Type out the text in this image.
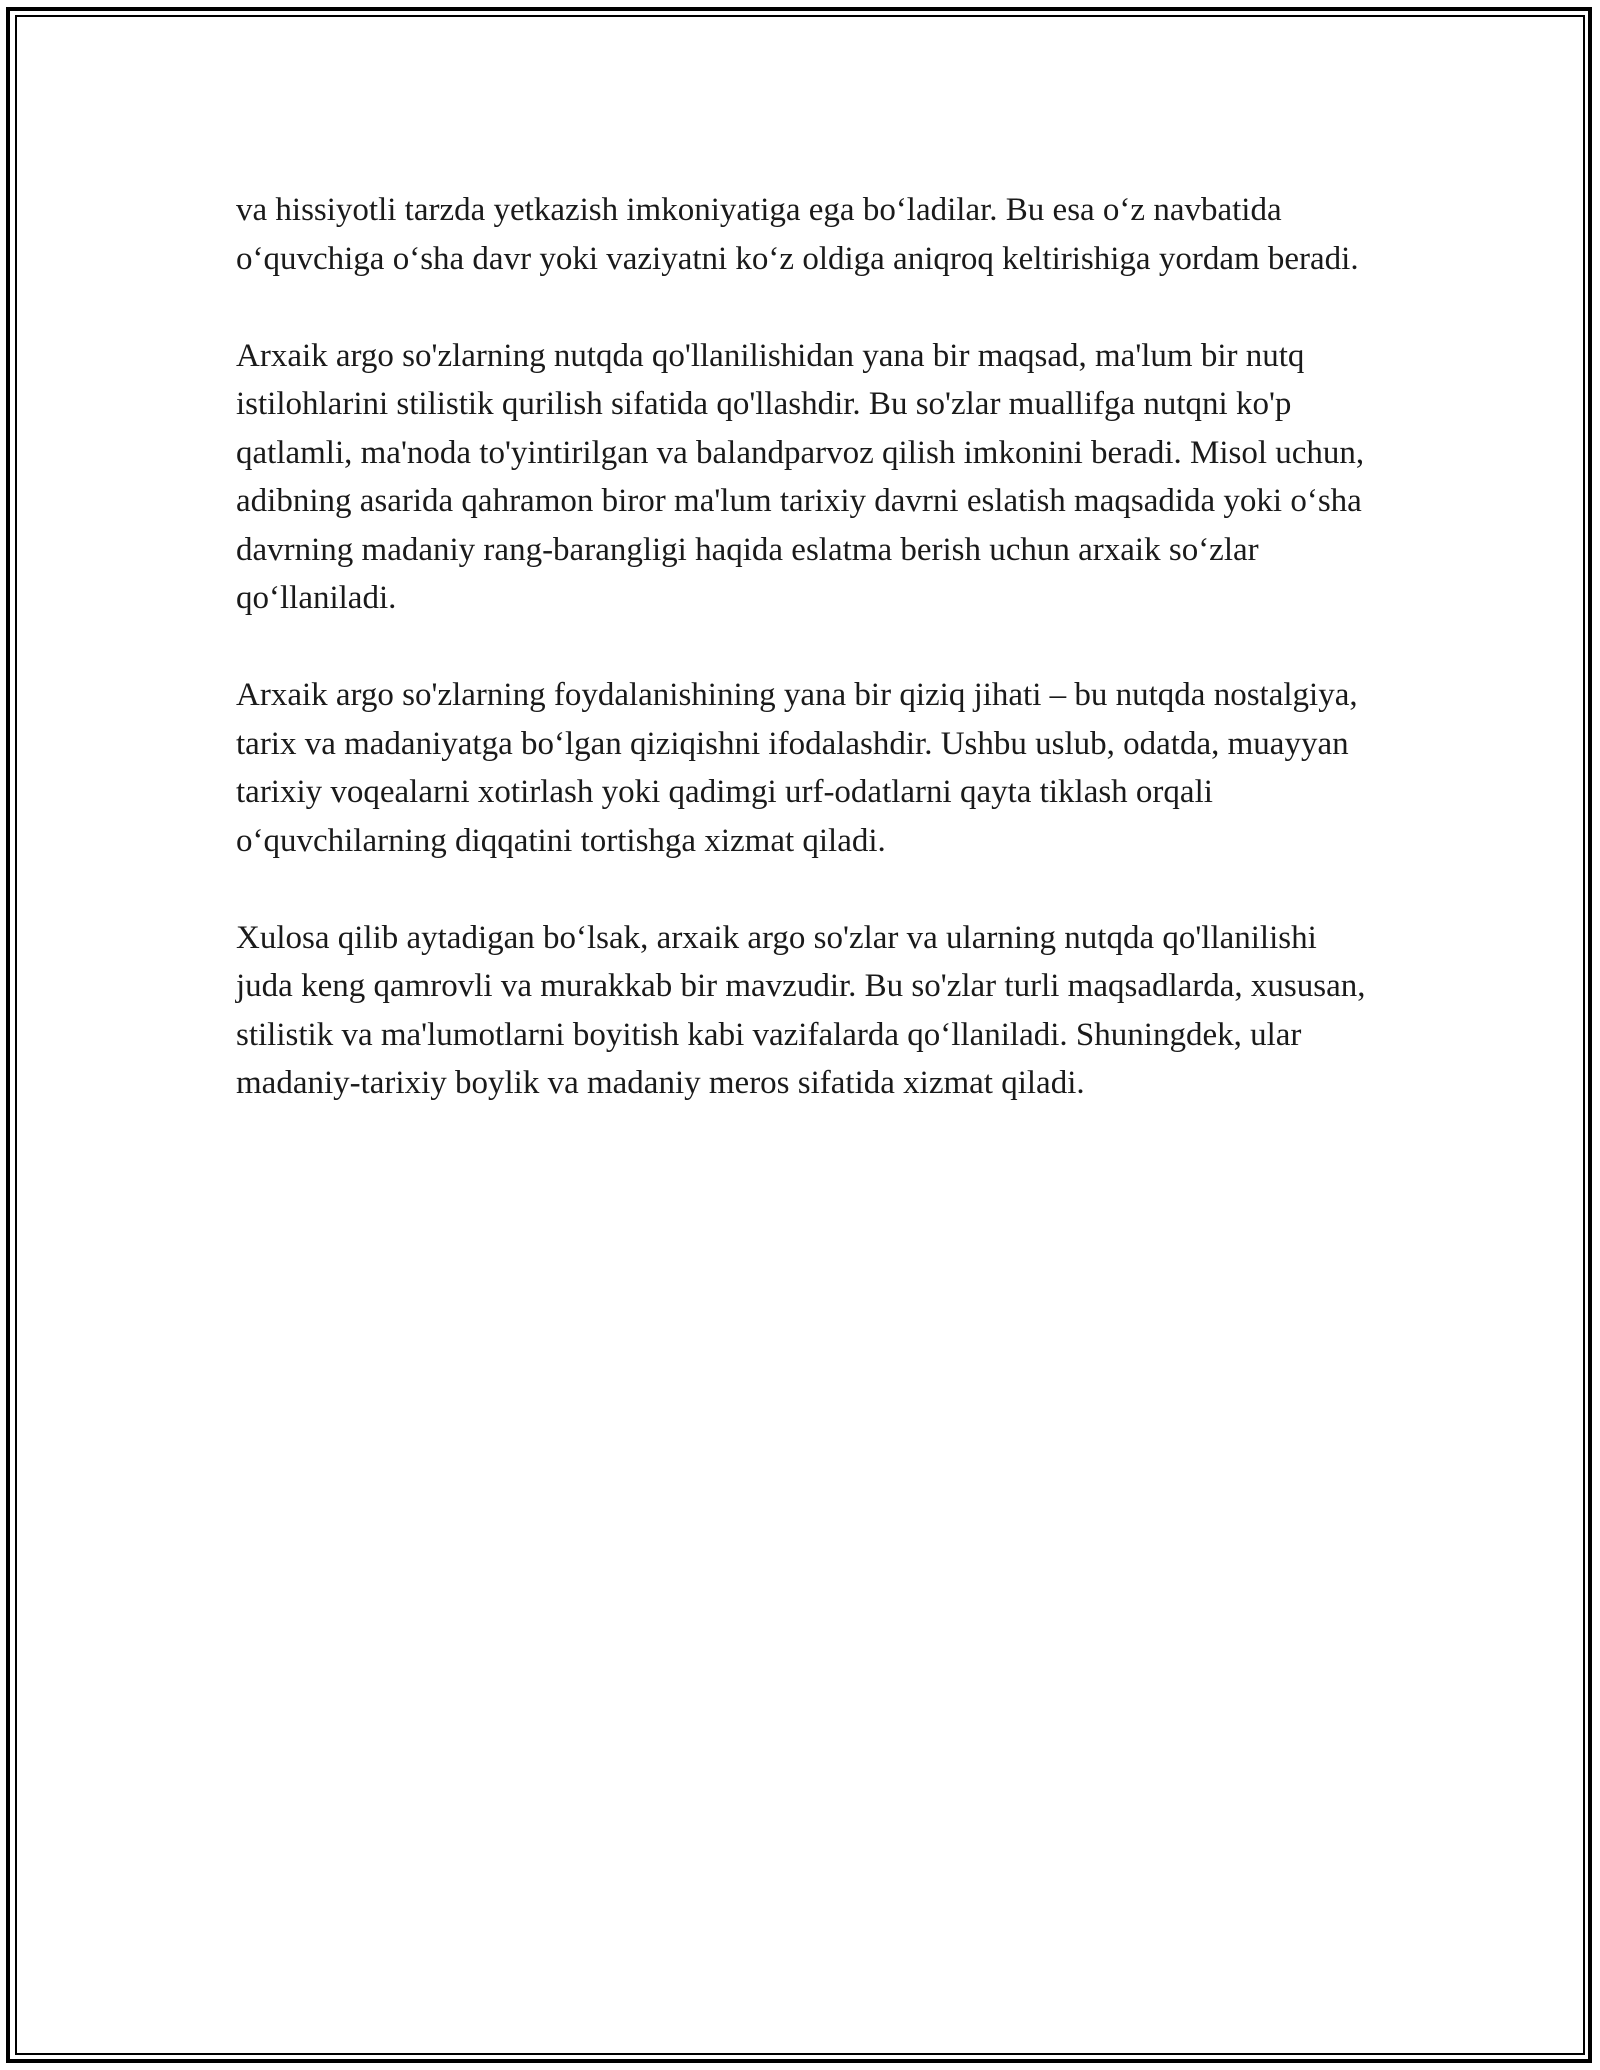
va hissiyotli tarzda yetkazish imkoniyatiga ega bo‘ladilar. Bu esa o‘z navbatida o‘quvchiga o‘sha davr yoki vaziyatni ko‘z oldiga aniqroq keltirishiga yordam beradi.

Arxaik argo so'zlarning nutqda qo'llanilishidan yana bir maqsad, ma'lum bir nutq istilohlarini stilistik qurilish sifatida qo'llashdir. Bu so'zlar muallifga nutqni ko'p qatlamli, ma'noda to'yintirilgan va balandparvoz qilish imkonini beradi. Misol uchun, adibning asarida qahramon biror ma'lum tarixiy davrni eslatish maqsadida yoki o‘sha davrning madaniy rang-barangligi haqida eslatma berish uchun arxaik so‘zlar qo‘llaniladi.

Arxaik argo so'zlarning foydalanishining yana bir qiziq jihati – bu nutqda nostalgiya, tarix va madaniyatga bo‘lgan qiziqishni ifodalashdir. Ushbu uslub, odatda, muayyan tarixiy voqealarni xotirlash yoki qadimgi urf-odatlarni qayta tiklash orqali o‘quvchilarning diqqatini tortishga xizmat qiladi.

Xulosa qilib aytadigan bo‘lsak, arxaik argo so'zlar va ularning nutqda qo'llanilishi juda keng qamrovli va murakkab bir mavzudir. Bu so'zlar turli maqsadlarda, xususan, stilistik va ma'lumotlarni boyitish kabi vazifalarda qo‘llaniladi. Shuningdek, ular madaniy-tarixiy boylik va madaniy meros sifatida xizmat qiladi.
